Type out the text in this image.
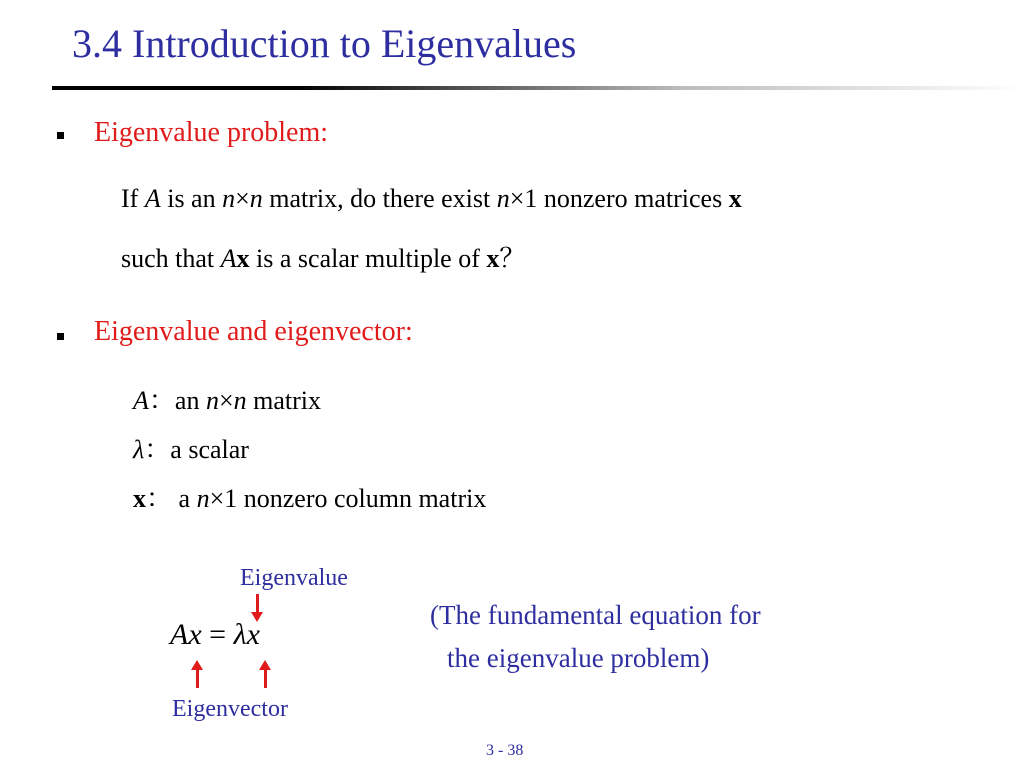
3.4 Introduction to Eigenvalues
Eigenvalue problem:
If A is an n×n matrix, do there exist n×1 nonzero matrices x
such that Ax is a scalar multiple of x？
Eigenvalue and eigenvector:
A：an n×n matrix
λ：a scalar
x： a n×1 nonzero column matrix
Eigenvalue
Ax = λx
Eigenvector
(The fundamental equation for
the eigenvalue problem)
3 - 38
